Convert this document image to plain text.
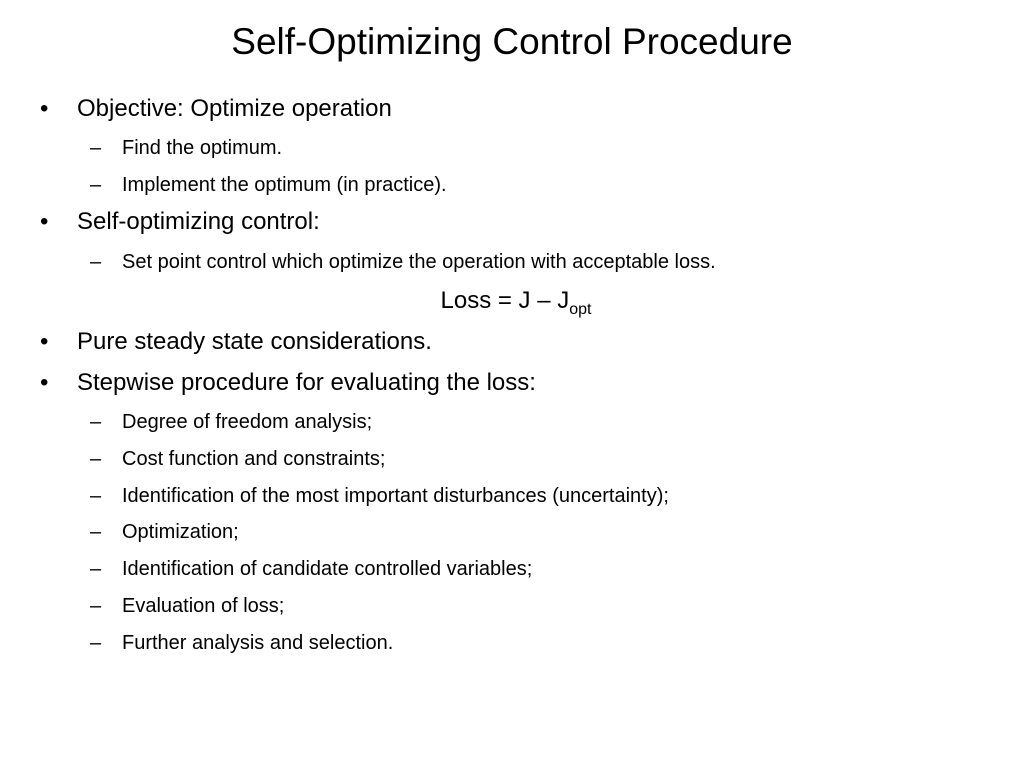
Self-Optimizing Control Procedure
• Objective: Optimize operation
– Find the optimum.
– Implement the optimum (in practice).
• Self-optimizing control:
– Set point control which optimize the operation with acceptable loss.
Loss = J – $J_{opt}$
• Pure steady state considerations.
• Stepwise procedure for evaluating the loss:
– Degree of freedom analysis;
– Cost function and constraints;
– Identification of the most important disturbances (uncertainty);
– Optimization;
– Identification of candidate controlled variables;
– Evaluation of loss;
– Further analysis and selection.
